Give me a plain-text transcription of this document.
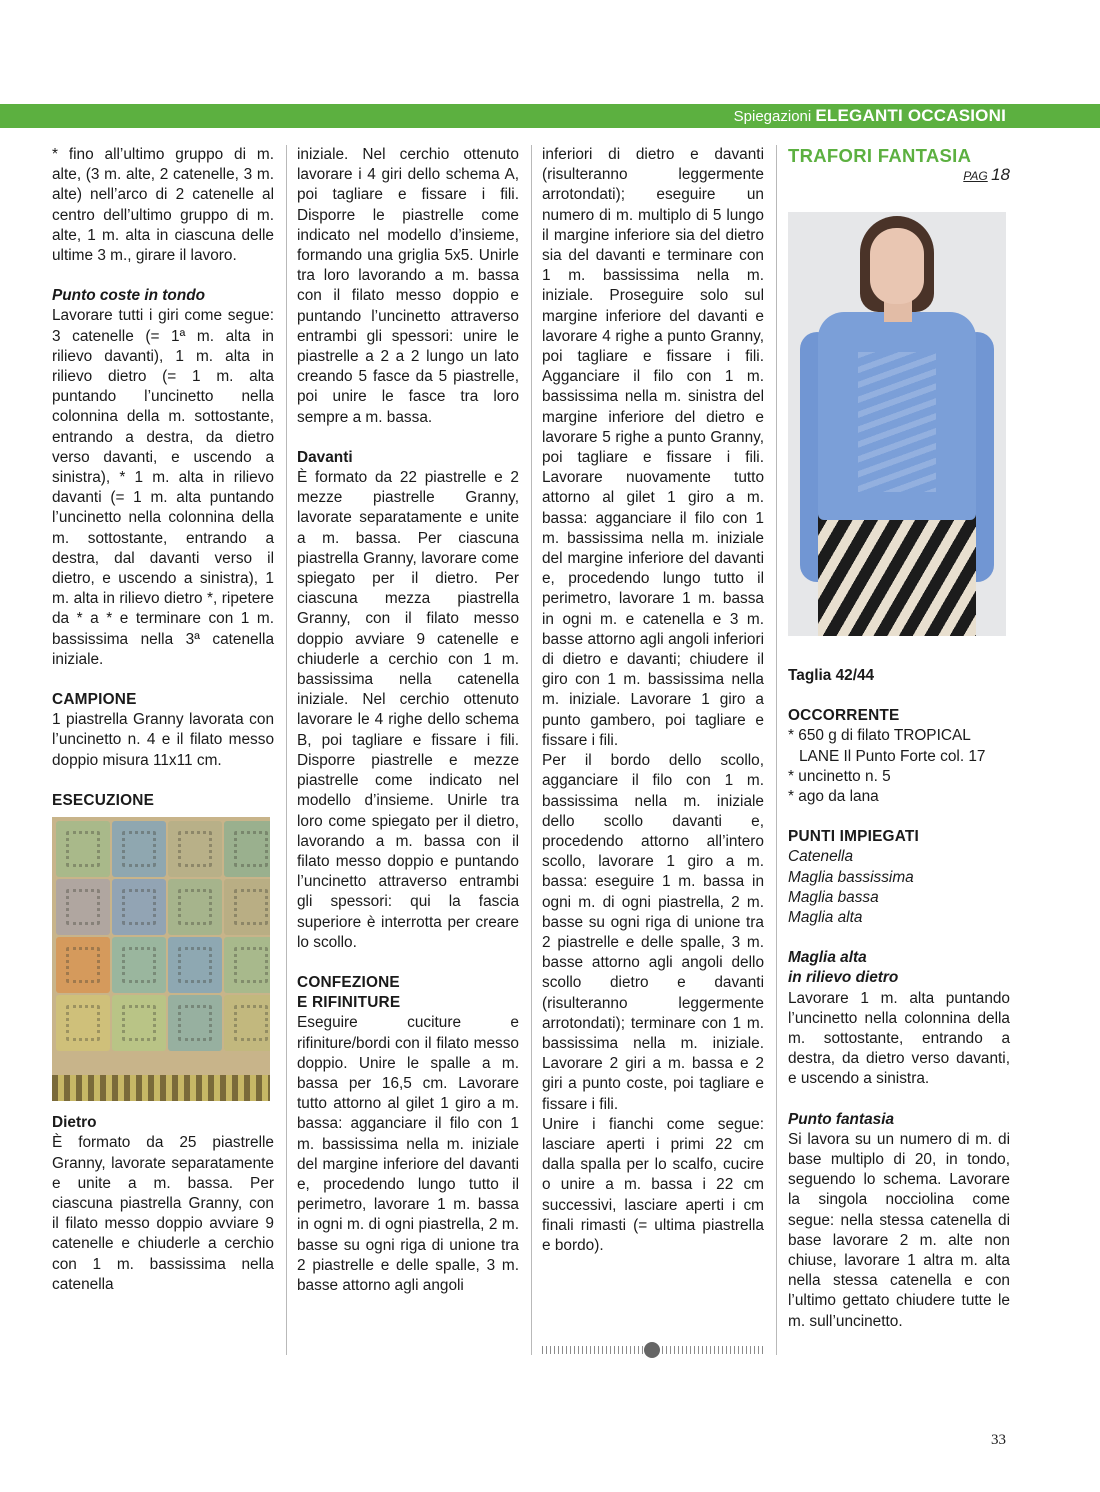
Spiegazioni ELEGANTI OCCASIONI

* fino all’ultimo gruppo di m. alte, (3 m. alte, 2 catenelle, 3 m. alte) nell’arco di 2 catenelle al centro dell’ultimo gruppo di m. alte, 1 m. alta in ciascuna delle ultime 3 m., girare il lavoro.

Punto coste in tondo

Lavorare tutti i giri come segue: 3 catenelle (= 1ª m. alta in rilievo davanti), 1 m. alta in rilievo dietro (= 1 m. alta puntando l’uncinetto nella colonnina della m. sottostante, entrando a destra, da dietro verso davanti, e uscendo a sinistra), * 1 m. alta in rilievo davanti (= 1 m. alta puntando l’uncinetto nella colonnina della m. sottostante, entrando a destra, dal davanti verso il dietro, e uscendo a sinistra), 1 m. alta in rilievo dietro *, ripetere da * a * e terminare con 1 m. bassissima nella 3ª catenella iniziale.

CAMPIONE

1 piastrella Granny lavorata con l’uncinetto n. 4 e il filato messo doppio misura 11x11 cm.

ESECUZIONE

Dietro

È formato da 25 piastrelle Granny, lavorate separatamente e unite a m. bassa. Per ciascuna piastrella Granny, con il filato messo doppio avviare 9 catenelle e chiuderle a cerchio con 1 m. bassissima nella catenella

iniziale. Nel cerchio ottenuto lavorare i 4 giri dello schema A, poi tagliare e fissare i fili. Disporre le piastrelle come indicato nel modello d’insieme, formando una griglia 5x5. Unirle tra loro lavorando a m. bassa con il filato messo doppio e puntando l’uncinetto attraverso entrambi gli spessori: unire le piastrelle a 2 a 2 lungo un lato creando 5 fasce da 5 piastrelle, poi unire le fasce tra loro sempre a m. bassa.

Davanti

È formato da 22 piastrelle e 2 mezze piastrelle Granny, lavorate separatamente e unite a m. bassa. Per ciascuna piastrella Granny, lavorare come spiegato per il dietro. Per ciascuna mezza piastrella Granny, con il filato messo doppio avviare 9 catenelle e chiuderle a cerchio con 1 m. bassissima nella catenella iniziale. Nel cerchio ottenuto lavorare le 4 righe dello schema B, poi tagliare e fissare i fili. Disporre piastrelle e mezze piastrelle come indicato nel modello d’insieme. Unirle tra loro come spiegato per il dietro, lavorando a m. bassa con il filato messo doppio e puntando l’uncinetto attraverso entrambi gli spessori: qui la fascia superiore è interrotta per creare lo scollo.

CONFEZIONE

E RIFINITURE

Eseguire cuciture e rifiniture/bordi con il filato messo doppio. Unire le spalle a m. bassa per 16,5 cm. Lavorare tutto attorno al gilet 1 giro a m. bassa: agganciare il filo con 1 m. bassissima nella m. iniziale del margine inferiore del davanti e, procedendo lungo tutto il perimetro, lavorare 1 m. bassa in ogni m. di ogni piastrella, 2 m. basse su ogni riga di unione tra 2 piastrelle e delle spalle, 3 m. basse attorno agli angoli

inferiori di dietro e davanti (risulteranno leggermente arrotondati); eseguire un numero di m. multiplo di 5 lungo il margine inferiore sia del dietro sia del davanti e terminare con 1 m. bassissima nella m. iniziale. Proseguire solo sul margine inferiore del davanti e lavorare 4 righe a punto Granny, poi tagliare e fissare i fili. Agganciare il filo con 1 m. bassissima nella m. sinistra del margine inferiore del dietro e lavorare 5 righe a punto Granny, poi tagliare e fissare i fili. Lavorare nuovamente tutto attorno al gilet 1 giro a m. bassa: agganciare il filo con 1 m. bassissima nella m. iniziale del margine inferiore del davanti e, procedendo lungo tutto il perimetro, lavorare 1 m. bassa in ogni m. e catenella e 3 m. basse attorno agli angoli inferiori di dietro e davanti; chiudere il giro con 1 m. bassissima nella m. iniziale. Lavorare 1 giro a punto gambero, poi tagliare e fissare i fili.

Per il bordo dello scollo, agganciare il filo con 1 m. bassissima nella m. iniziale dello scollo davanti e, procedendo attorno all’intero scollo, lavorare 1 giro a m. bassa: eseguire 1 m. bassa in ogni m. di ogni piastrella, 2 m. basse su ogni riga di unione tra 2 piastrelle e delle spalle, 3 m. basse attorno agli angoli dello scollo dietro e davanti (risulteranno leggermente arrotondati); terminare con 1 m. bassissima nella m. iniziale. Lavorare 2 giri a m. bassa e 2 giri a punto coste, poi tagliare e fissare i fili.

Unire i fianchi come segue: lasciare aperti i primi 22 cm dalla spalla per lo scalfo, cucire o unire a m. bassa i 22 cm successivi, lasciare aperti i cm finali rimasti (= ultima piastrella e bordo).

TRAFORI FANTASIA
PAG 18

Taglia 42/44

OCCORRENTE

* 650 g di filato TROPICAL LANE Il Punto Forte col. 17

* uncinetto n. 5

* ago da lana

PUNTI IMPIEGATI

Catenella

Maglia bassissima

Maglia bassa

Maglia alta

Maglia alta

in rilievo dietro

Lavorare 1 m. alta puntando l’uncinetto nella colonnina della m. sottostante, entrando a destra, da dietro verso davanti, e uscendo a sinistra.

Punto fantasia

Si lavora su un numero di m. di base multiplo di 20, in tondo, seguendo lo schema. Lavorare la singola nocciolina come segue: nella stessa catenella di base lavorare 2 m. alte non chiuse, lavorare 1 altra m. alta nella stessa catenella e con l’ultimo gettato chiudere tutte le m. sull’uncinetto.

33
